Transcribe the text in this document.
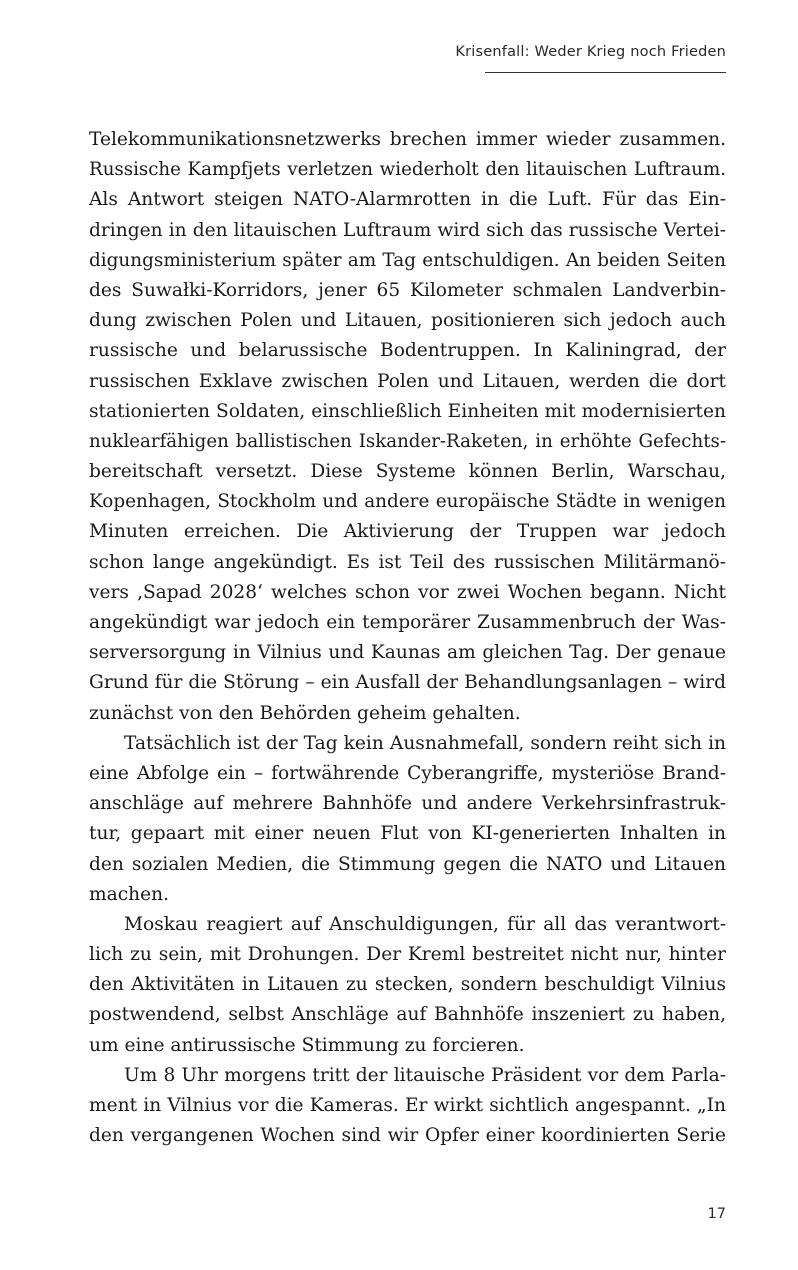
Krisenfall: Weder Krieg noch Frieden
Telekommunikationsnetzwerks brechen immer wieder zusammen.
Russische Kampfjets verletzen wiederholt den litauischen Luftraum.
Als Antwort steigen NATO-Alarmrotten in die Luft. Für das Ein-
dringen in den litauischen Luftraum wird sich das russische Vertei-
digungsministerium später am Tag entschuldigen. An beiden Seiten
des Suwałki-Korridors, jener 65 Kilometer schmalen Landverbin-
dung zwischen Polen und Litauen, positionieren sich jedoch auch
russische und belarussische Bodentruppen. In Kaliningrad, der
russischen Exklave zwischen Polen und Litauen, werden die dort
stationierten Soldaten, einschließlich Einheiten mit modernisierten
nuklearfähigen ballistischen Iskander-Raketen, in erhöhte Gefechts-
bereitschaft versetzt. Diese Systeme können Berlin, Warschau,
Kopenhagen, Stockholm und andere europäische Städte in wenigen
Minuten erreichen. Die Aktivierung der Truppen war jedoch
schon lange angekündigt. Es ist Teil des russischen Militärmanö-
vers ‚Sapad 2028‘ welches schon vor zwei Wochen begann. Nicht
angekündigt war jedoch ein temporärer Zusammenbruch der Was-
serversorgung in Vilnius und Kaunas am gleichen Tag. Der genaue
Grund für die Störung – ein Ausfall der Behandlungsanlagen – wird
zunächst von den Behörden geheim gehalten.
Tatsächlich ist der Tag kein Ausnahmefall, sondern reiht sich in
eine Abfolge ein – fortwährende Cyberangriffe, mysteriöse Brand-
anschläge auf mehrere Bahnhöfe und andere Verkehrsinfrastruk-
tur, gepaart mit einer neuen Flut von KI-generierten Inhalten in
den sozialen Medien, die Stimmung gegen die NATO und Litauen
machen.
Moskau reagiert auf Anschuldigungen, für all das verantwort-
lich zu sein, mit Drohungen. Der Kreml bestreitet nicht nur, hinter
den Aktivitäten in Litauen zu stecken, sondern beschuldigt Vilnius
postwendend, selbst Anschläge auf Bahnhöfe inszeniert zu haben,
um eine antirussische Stimmung zu forcieren.
Um 8 Uhr morgens tritt der litauische Präsident vor dem Parla-
ment in Vilnius vor die Kameras. Er wirkt sichtlich angespannt. „In
den vergangenen Wochen sind wir Opfer einer koordinierten Serie
17
